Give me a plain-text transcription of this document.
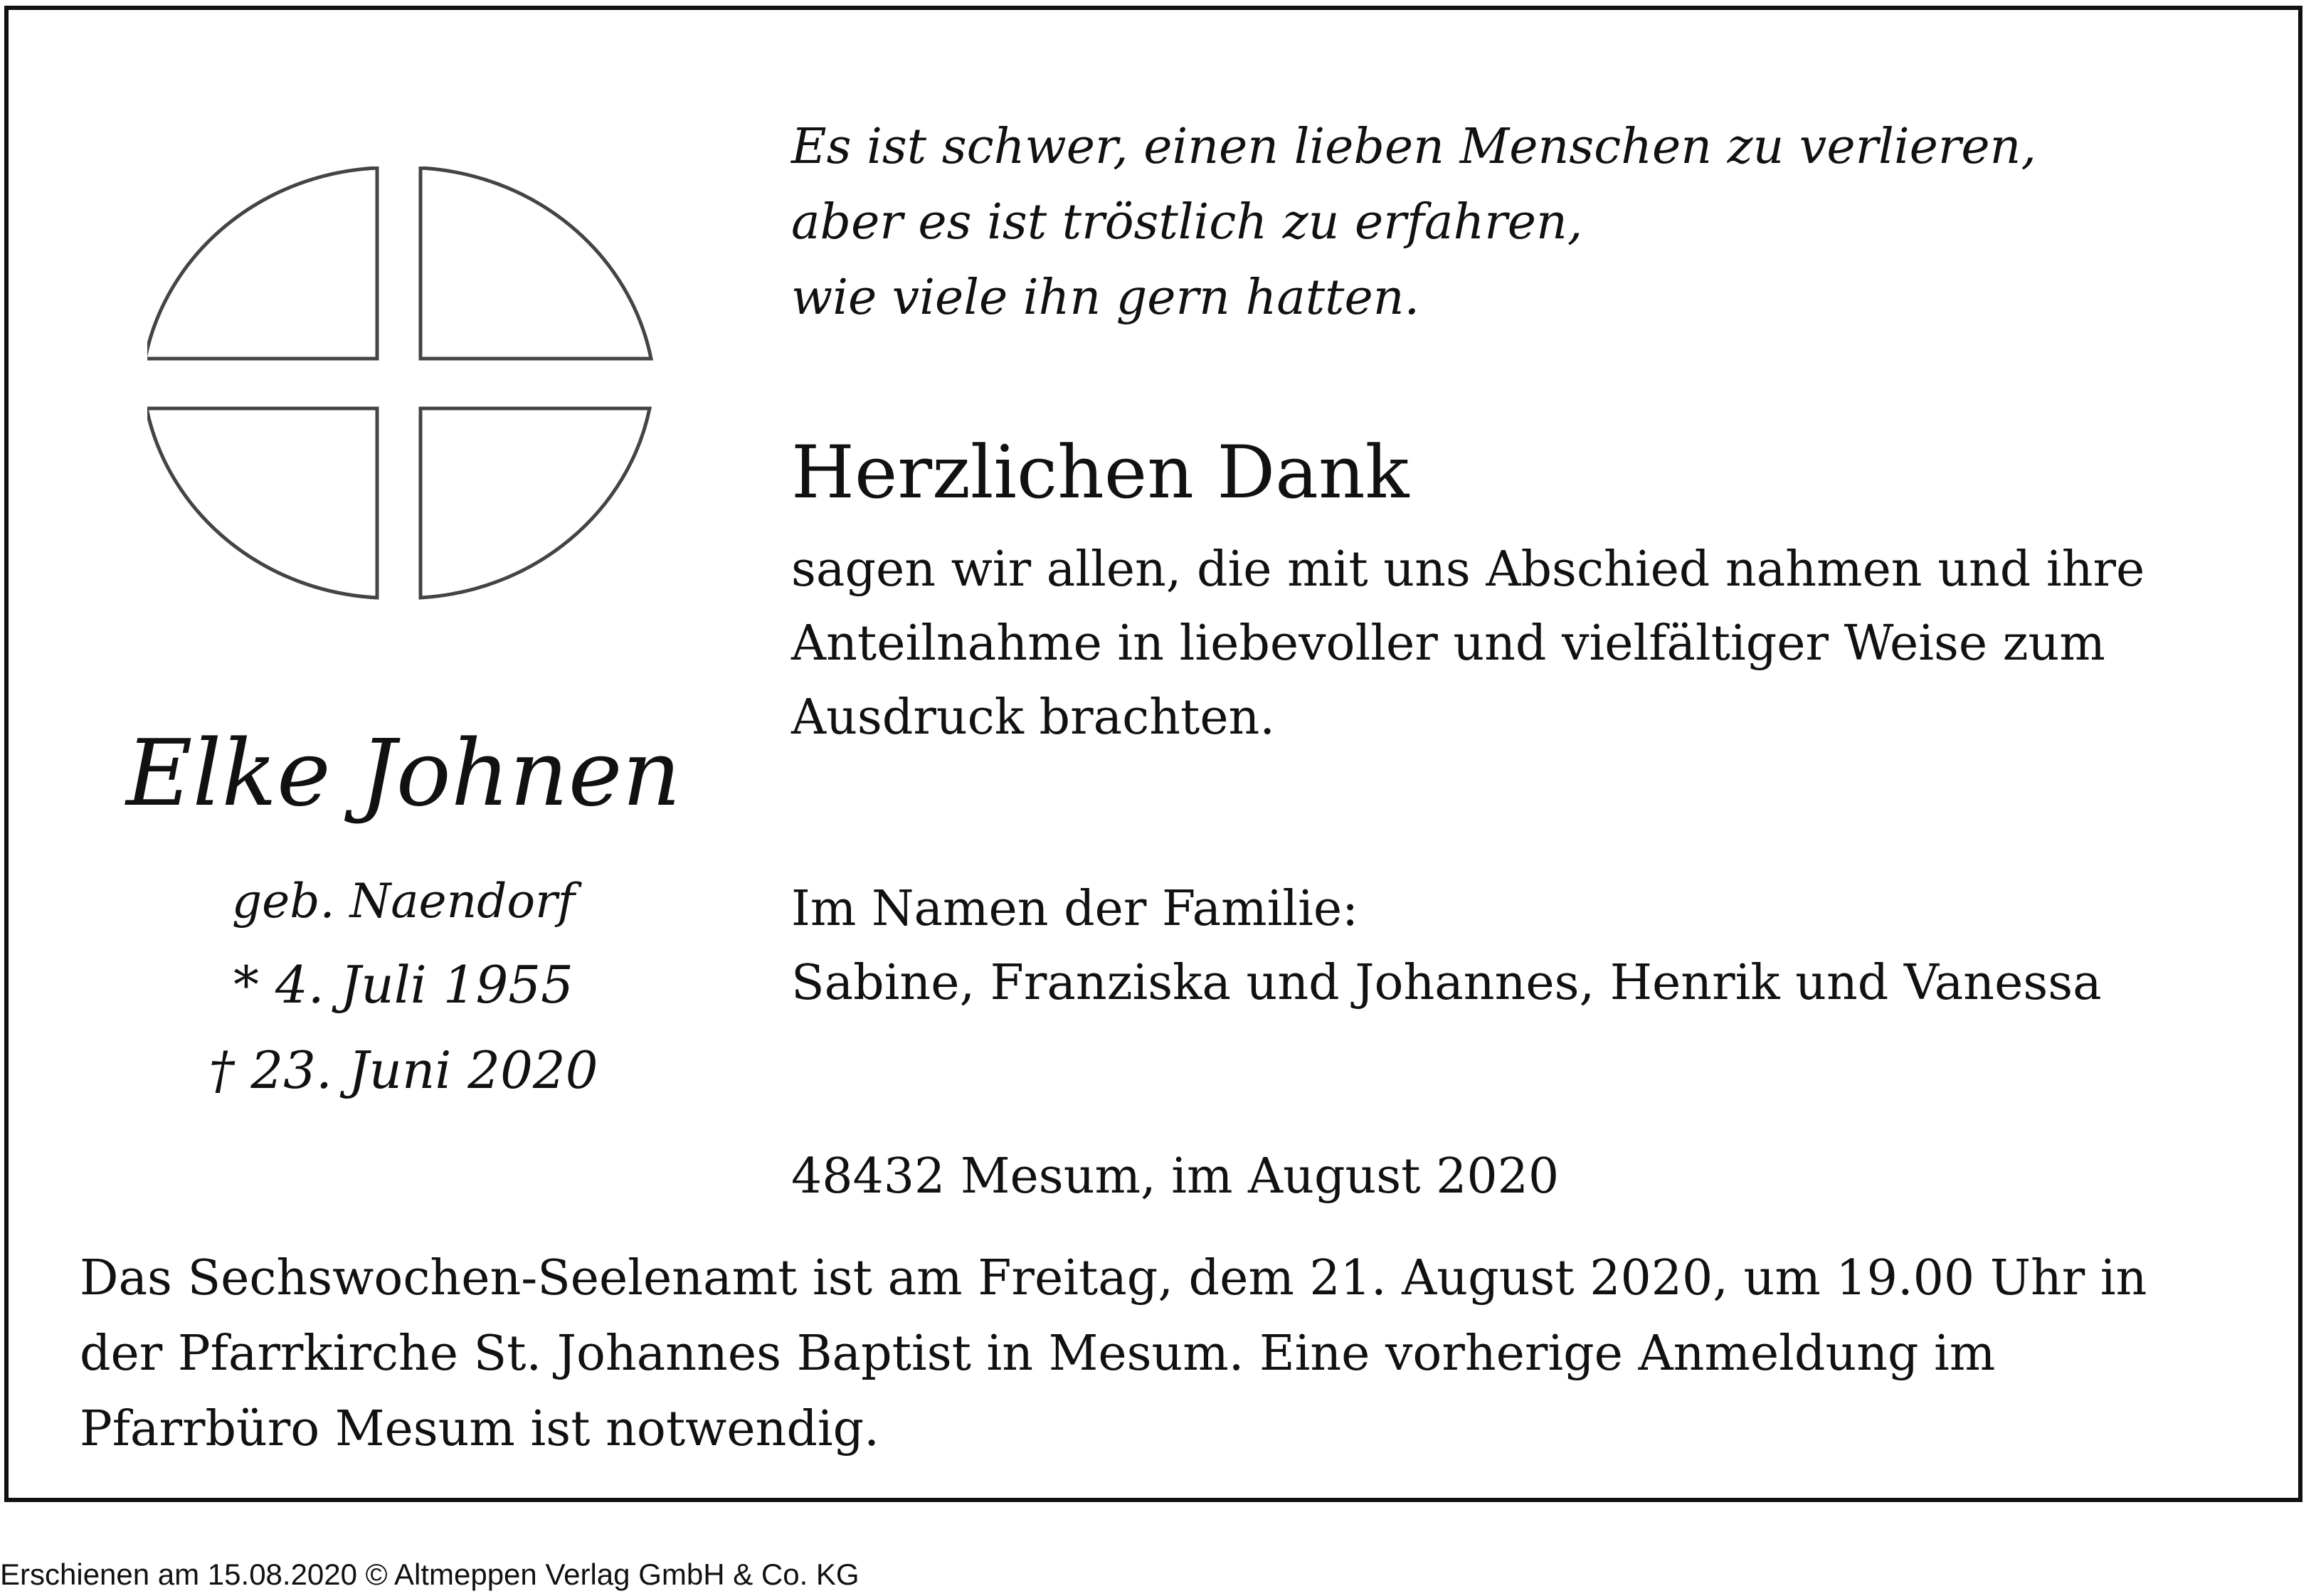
Elke Johnen
geb. Naendorf
* 4. Juli 1955
† 23. Juni 2020
Es ist schwer, einen lieben Menschen zu verlieren,
aber es ist tröstlich zu erfahren,
wie viele ihn gern hatten.
Herzlichen Dank
sagen wir allen, die mit uns Abschied nahmen und ihre Anteilnahme in liebevoller und vielfältiger Weise zum Ausdruck brachten.
Im Namen der Familie:
Sabine, Franziska und Johannes, Henrik und Vanessa
48432 Mesum, im August 2020
Das Sechswochen-Seelenamt ist am Freitag, dem 21. August 2020, um 19.00 Uhr in der Pfarrkirche St. Johannes Baptist in Mesum. Eine vorherige Anmeldung im Pfarrbüro Mesum ist notwendig.
Erschienen am 15.08.2020 © Altmeppen Verlag GmbH & Co. KG
